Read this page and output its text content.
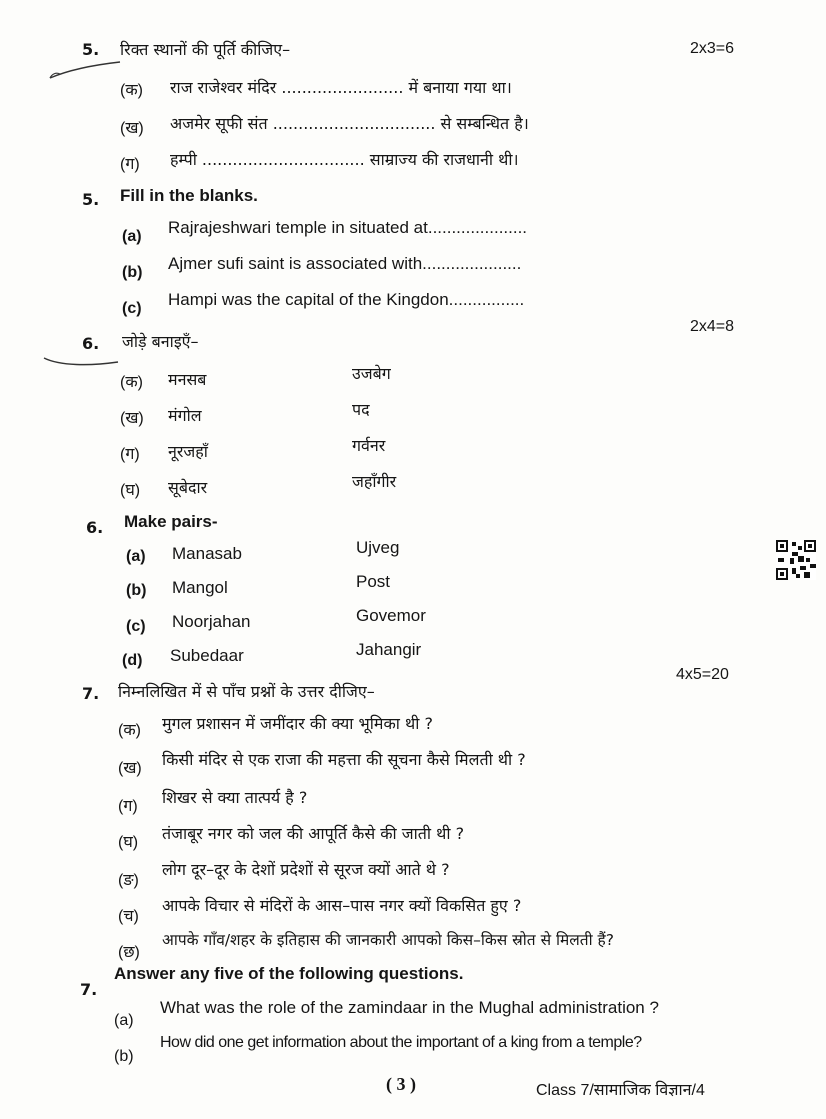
5. रिक्त स्थानों की पूर्ति कीजिए–	2x3=6
(क) राज राजेश्वर मंदिर ........................ में बनाया गया था।
(ख) अजमेर सूफी संत ................................ से सम्बन्धित है।
(ग) हम्पी ................................ साम्राज्य की राजधानी थी।
5. Fill in the blanks.
(a) Rajrajeshwari temple in situated at.....................
(b) Ajmer sufi saint is associated with.....................
(c) Hampi was the capital of the Kingdon................
2x4=8
6. जोड़े बनाइएँ–
(क) मनसब	उजबेग
(ख) मंगोल	पद
(ग) नूरजहाँ	गर्वनर
(घ) सूबेदार	जहाँगीर
6. Make pairs-
(a) Manasab	Ujveg
(b) Mangol	Post
(c) Noorjahan	Govemor
(d) Subedaar	Jahangir
4x5=20
7. निम्नलिखित में से पाँच प्रश्नों के उत्तर दीजिए–
(क) मुगल प्रशासन में जमींदार की क्या भूमिका थी ?
(ख) किसी मंदिर से एक राजा की महत्ता की सूचना कैसे मिलती थी ?
(ग) शिखर से क्या तात्पर्य है ?
(घ) तंजाबूर नगर को जल की आपूर्ति कैसे की जाती थी ?
(ङ)
लोग दूर–दूर के देशों प्रदेशों से सूरज क्यों आते थे ?
(च)
आपके विचार से मंदिरों के आस–पास नगर क्यों विकसित हुए ?
(छ)
आपके गाँव/शहर के इतिहास की जानकारी आपको किस–किस स्रोत से मिलती हैं?
7.
Answer any five of the following questions.
(a)
What was the role of the zamindaar in the Mughal administration ?
(b)
How did one get information about the important of a king from a temple?
( 3 )	Class 7/सामाजिक विज्ञान/4
